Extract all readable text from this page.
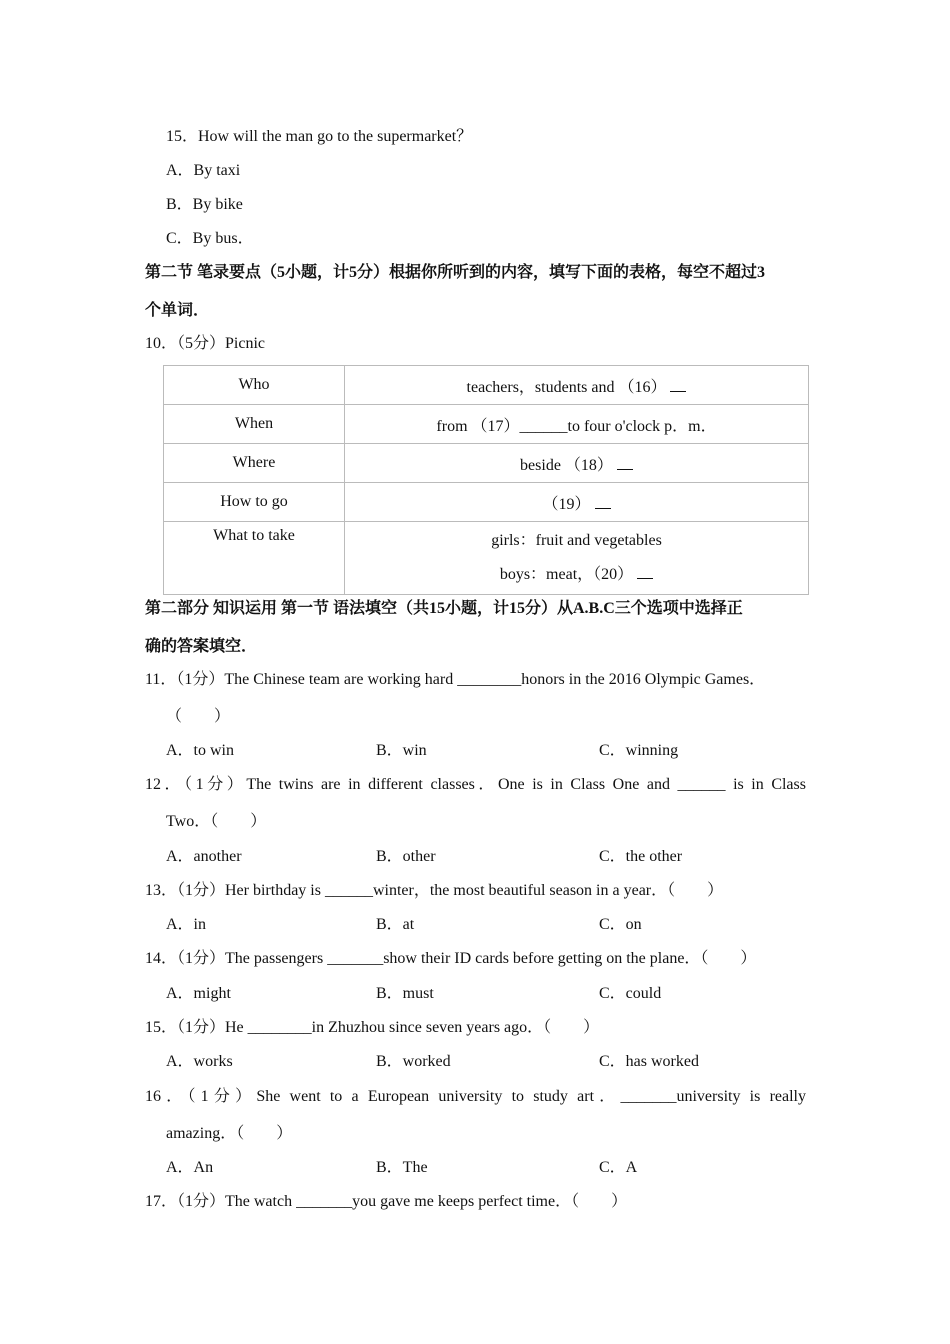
15．How will the man go to the supermarket？
A．By taxi
B．By bike
C．By bus．
第二节 笔录要点（5小题，计5分）根据你所听到的内容，填写下面的表格，每空不超过3
个单词．
10．（5分）Picnic
Who	teachers，students and （16）
When	from （17）______to four o'clock p．m．
Where	beside （18）
How to go	（19）
What to take	girls：fruit and vegetables
boys：meat，（20）
第二部分 知识运用 第一节 语法填空（共15小题，计15分）从A.B.C三个选项中选择正
确的答案填空．
11．（1分）The Chinese team are working hard ________honors in the 2016 Olympic Games．
（　　）
A．to win	B．win	C．winning
12．（1分）The twins are in different classes．One is in Class One and ______ is in Class
Two．（　　）
A．another	B．other	C．the other
13．（1分）Her birthday is ______winter，the most beautiful season in a year．（　　）
A．in	B．at	C．on
14．（1分）The passengers _______show their ID cards before getting on the plane．（　　）
A．might	B．must	C．could
15．（1分）He ________in Zhuzhou since seven years ago．（　　）
A．works	B．worked	C．has worked
16．（1分）She went to a European university to study art．_______university is really
amazing．（　　）
A．An	B．The	C．A
17．（1分）The watch _______you gave me keeps perfect time．（　　）
